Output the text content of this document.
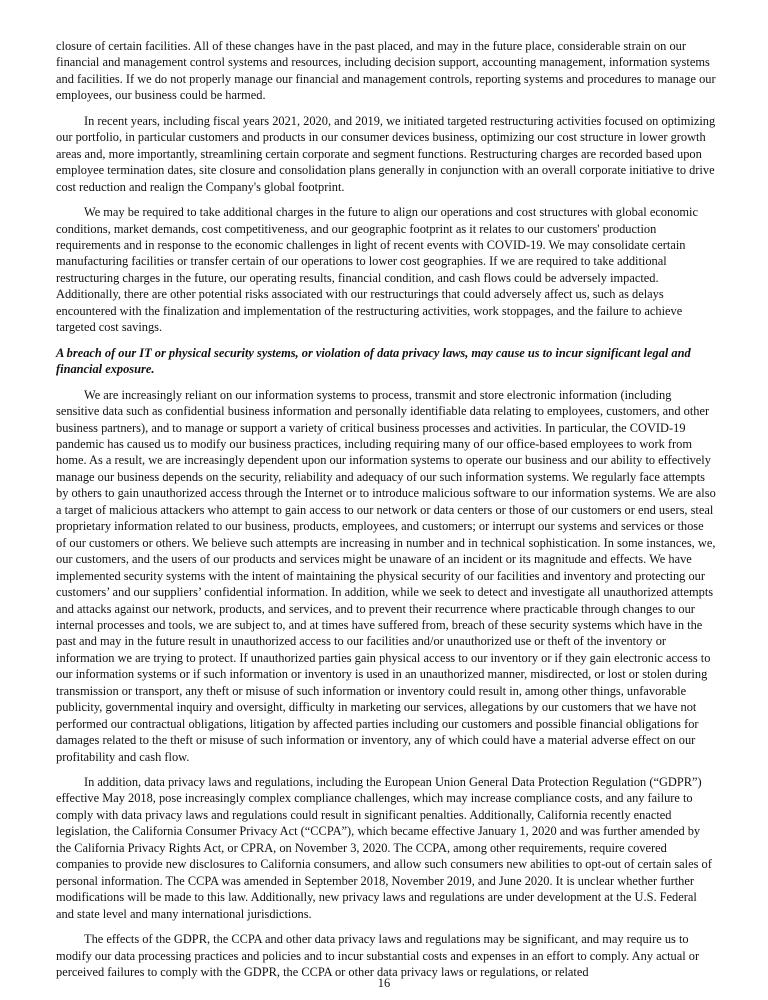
closure of certain facilities. All of these changes have in the past placed, and may in the future place, considerable strain on our financial and management control systems and resources, including decision support, accounting management, information systems and facilities. If we do not properly manage our financial and management controls, reporting systems and procedures to manage our employees, our business could be harmed.

In recent years, including fiscal years 2021, 2020, and 2019, we initiated targeted restructuring activities focused on optimizing our portfolio, in particular customers and products in our consumer devices business, optimizing our cost structure in lower growth areas and, more importantly, streamlining certain corporate and segment functions. Restructuring charges are recorded based upon employee termination dates, site closure and consolidation plans generally in conjunction with an overall corporate initiative to drive cost reduction and realign the Company's global footprint.

We may be required to take additional charges in the future to align our operations and cost structures with global economic conditions, market demands, cost competitiveness, and our geographic footprint as it relates to our customers' production requirements and in response to the economic challenges in light of recent events with COVID-19. We may consolidate certain manufacturing facilities or transfer certain of our operations to lower cost geographies. If we are required to take additional restructuring charges in the future, our operating results, financial condition, and cash flows could be adversely impacted. Additionally, there are other potential risks associated with our restructurings that could adversely affect us, such as delays encountered with the finalization and implementation of the restructuring activities, work stoppages, and the failure to achieve targeted cost savings.

A breach of our IT or physical security systems, or violation of data privacy laws, may cause us to incur significant legal and financial exposure.

We are increasingly reliant on our information systems to process, transmit and store electronic information (including sensitive data such as confidential business information and personally identifiable data relating to employees, customers, and other business partners), and to manage or support a variety of critical business processes and activities. In particular, the COVID-19 pandemic has caused us to modify our business practices, including requiring many of our office-based employees to work from home. As a result, we are increasingly dependent upon our information systems to operate our business and our ability to effectively manage our business depends on the security, reliability and adequacy of our such information systems. We regularly face attempts by others to gain unauthorized access through the Internet or to introduce malicious software to our information systems. We are also a target of malicious attackers who attempt to gain access to our network or data centers or those of our customers or end users, steal proprietary information related to our business, products, employees, and customers; or interrupt our systems and services or those of our customers or others. We believe such attempts are increasing in number and in technical sophistication. In some instances, we, our customers, and the users of our products and services might be unaware of an incident or its magnitude and effects. We have implemented security systems with the intent of maintaining the physical security of our facilities and inventory and protecting our customers’ and our suppliers’ confidential information. In addition, while we seek to detect and investigate all unauthorized attempts and attacks against our network, products, and services, and to prevent their recurrence where practicable through changes to our internal processes and tools, we are subject to, and at times have suffered from, breach of these security systems which have in the past and may in the future result in unauthorized access to our facilities and/or unauthorized use or theft of the inventory or information we are trying to protect. If unauthorized parties gain physical access to our inventory or if they gain electronic access to our information systems or if such information or inventory is used in an unauthorized manner, misdirected, or lost or stolen during transmission or transport, any theft or misuse of such information or inventory could result in, among other things, unfavorable publicity, governmental inquiry and oversight, difficulty in marketing our services, allegations by our customers that we have not performed our contractual obligations, litigation by affected parties including our customers and possible financial obligations for damages related to the theft or misuse of such information or inventory, any of which could have a material adverse effect on our profitability and cash flow.

In addition, data privacy laws and regulations, including the European Union General Data Protection Regulation (“GDPR”) effective May 2018, pose increasingly complex compliance challenges, which may increase compliance costs, and any failure to comply with data privacy laws and regulations could result in significant penalties. Additionally, California recently enacted legislation, the California Consumer Privacy Act (“CCPA”), which became effective January 1, 2020 and was further amended by the California Privacy Rights Act, or CPRA, on November 3, 2020. The CCPA, among other requirements, require covered companies to provide new disclosures to California consumers, and allow such consumers new abilities to opt-out of certain sales of personal information. The CCPA was amended in September 2018, November 2019, and June 2020. It is unclear whether further modifications will be made to this law. Additionally, new privacy laws and regulations are under development at the U.S. Federal and state level and many international jurisdictions.

The effects of the GDPR, the CCPA and other data privacy laws and regulations may be significant, and may require us to modify our data processing practices and policies and to incur substantial costs and expenses in an effort to comply. Any actual or perceived failures to comply with the GDPR, the CCPA or other data privacy laws or regulations, or related

16
